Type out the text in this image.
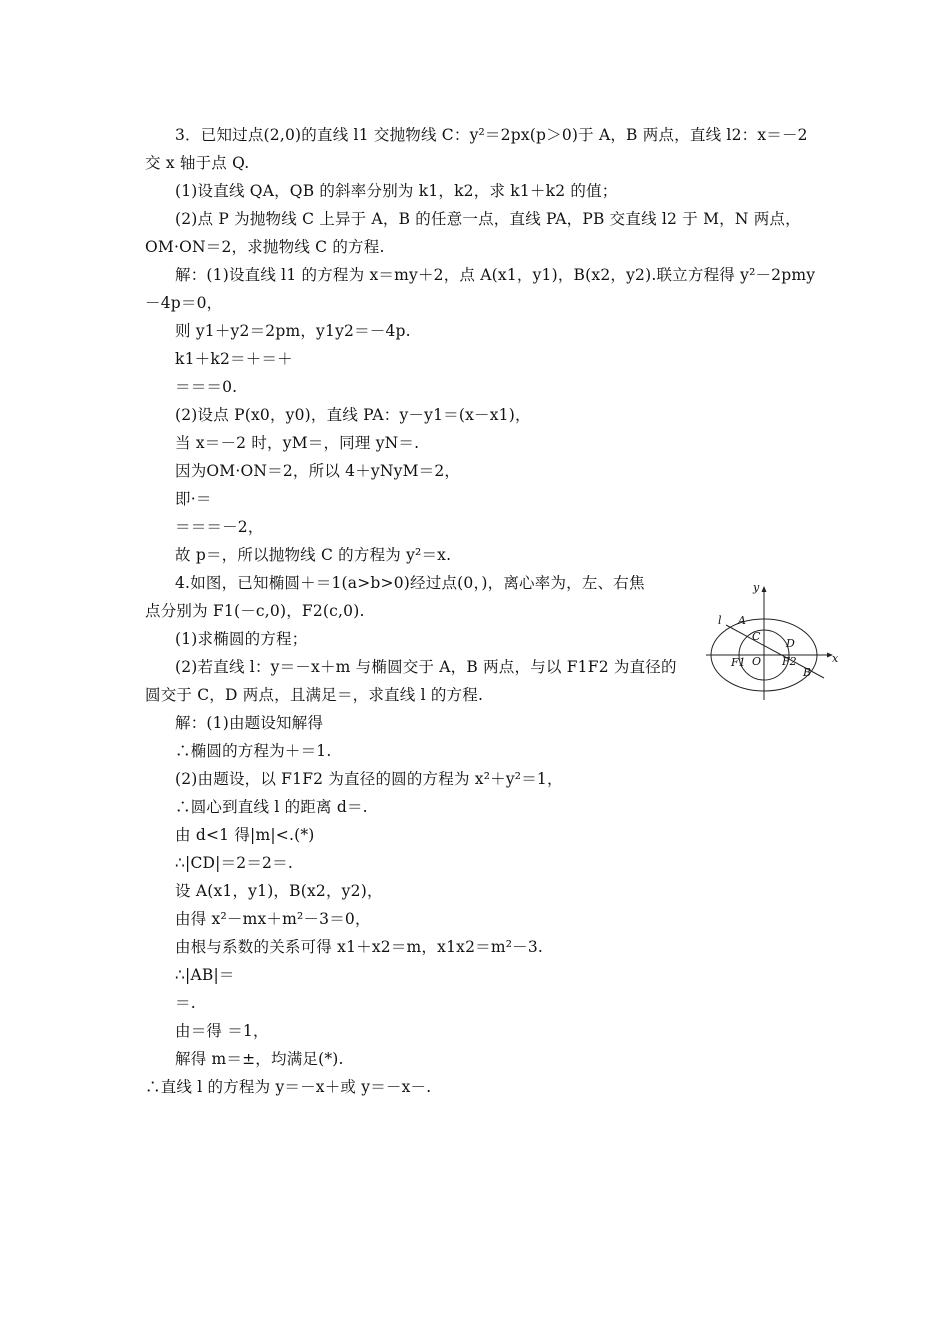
3．已知过点(2,0)的直线 l1 交抛物线 C：y²＝2px(p＞0)于 A，B 两点，直线 l2：x＝－2
交 x 轴于点 Q.
(1)设直线 QA，QB 的斜率分别为 k1，k2，求 k1＋k2 的值；
(2)点 P 为抛物线 C 上异于 A，B 的任意一点，直线 PA，PB 交直线 l2 于 M，N 两点，
OM·ON＝2，求抛物线 C 的方程.
解：(1)设直线 l1 的方程为 x＝my＋2，点 A(x1，y1)，B(x2，y2).联立方程得 y²－2pmy
－4p＝0，
则 y1＋y2＝2pm，y1y2＝－4p.
k1＋k2＝＋＝＋
＝＝＝0.
(2)设点 P(x0，y0)，直线 PA：y－y1＝(x－x1)，
当 x＝－2 时，yM＝，同理 yN＝.
因为OM·ON＝2，所以 4＋yNyM＝2，
即·＝
＝＝＝－2，
故 p＝，所以抛物线 C 的方程为 y²＝x.
4.如图，已知椭圆＋＝1(a>b>0)经过点(0，)，离心率为，左、右焦
点分别为 F1(－c,0)，F2(c,0).
(1)求椭圆的方程；
(2)若直线 l：y＝－x＋m 与椭圆交于 A，B 两点，与以 F1F2 为直径的
圆交于 C，D 两点，且满足＝，求直线 l 的方程.
解：(1)由题设知解得
∴椭圆的方程为＋＝1.
(2)由题设，以 F1F2 为直径的圆的方程为 x²＋y²＝1，
∴圆心到直线 l 的距离 d＝.
由 d<1 得|m|<.(*)
∴|CD|＝2＝2＝.
设 A(x1，y1)，B(x2，y2)，
由得 x²－mx＋m²－3＝0，
由根与系数的关系可得 x1＋x2＝m，x1x2＝m²－3.
∴|AB|＝
＝.
由＝得 ＝1，
解得 m＝±，均满足(*).
∴直线 l 的方程为 y＝－x＋或 y＝－x－.
y
x
l A
C
D
F1 O F2
B
